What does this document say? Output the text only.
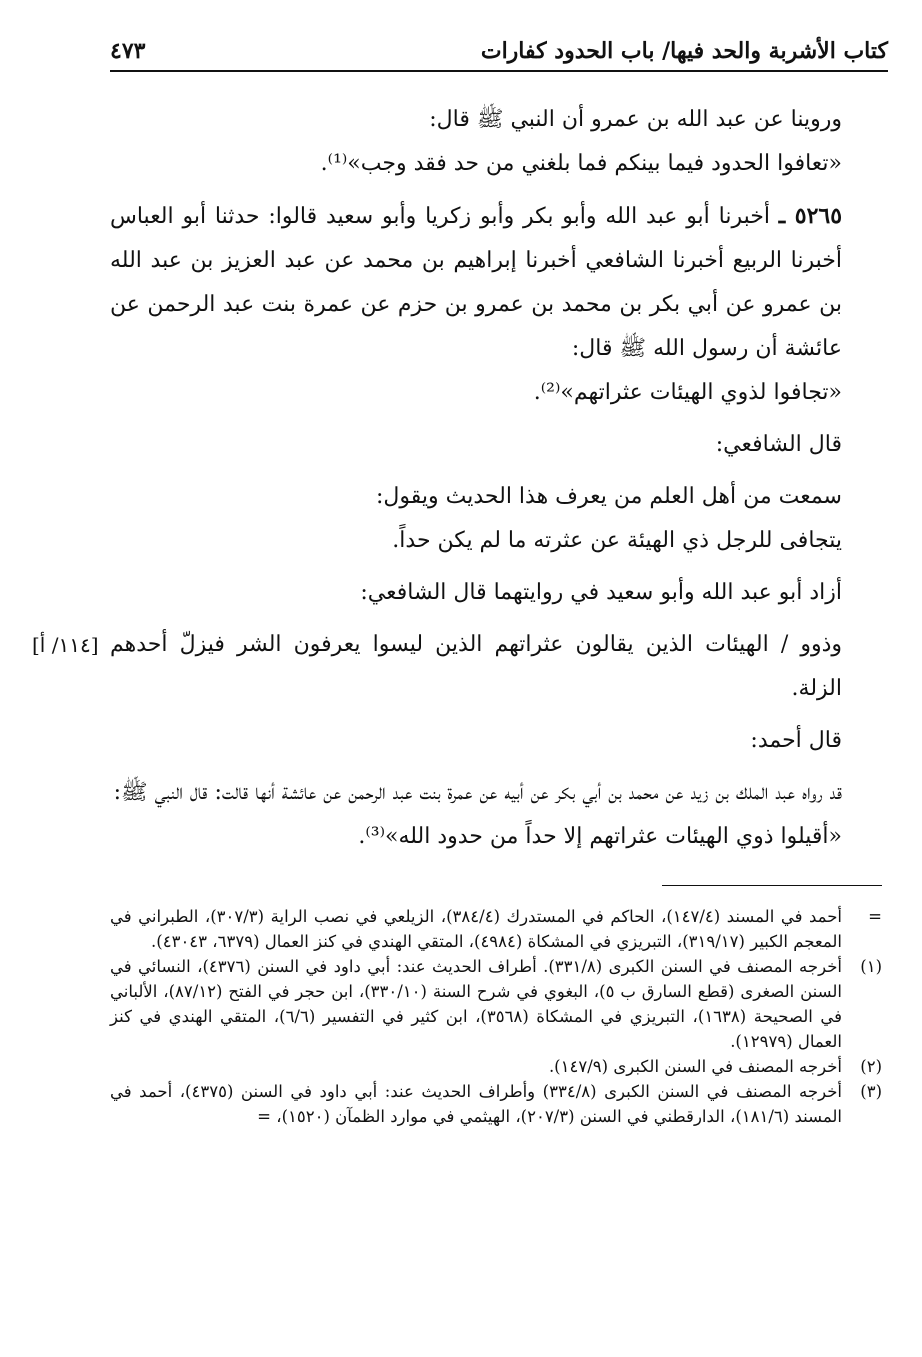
كتاب الأشربة والحد فيها/ باب الحدود كفارات
٤٧٣

وروينا عن عبد الله بن عمرو أن النبي ﷺ قال:

«تعافوا الحدود فيما بينكم فما بلغني من حد فقد وجب»⁽¹⁾.

٥٢٦٥ ـ أخبرنا أبو عبد الله وأبو بكر وأبو زكريا وأبو سعيد قالوا: حدثنا أبو العباس أخبرنا الربيع أخبرنا الشافعي أخبرنا إبراهيم بن محمد عن عبد العزيز بن عبد الله بن عمرو عن أبي بكر بن محمد بن عمرو بن حزم عن عمرة بنت عبد الرحمن عن عائشة أن رسول الله ﷺ قال:

«تجافوا لذوي الهيئات عثراتهم»⁽²⁾.

قال الشافعي:

سمعت من أهل العلم من يعرف هذا الحديث ويقول:

يتجافى للرجل ذي الهيئة عن عثرته ما لم يكن حداً.

أزاد أبو عبد الله وأبو سعيد في روايتهما قال الشافعي:

وذوو / الهيئات الذين يقالون عثراتهم الذين ليسوا يعرفون الشر فيزلّ أحدهم الزلة.
[١١٤/ أ]

قال أحمد:

قد رواه عبد الملك بن زيد عن محمد بن أبي بكر عن أبيه عن عمرة بنت عبد الرحمن عن عائشة أنها قالت: قال النبي ﷺ:

«أقيلوا ذوي الهيئات عثراتهم إلا حداً من حدود الله»⁽³⁾.

=
أحمد في المسند (١٤٧/٤)، الحاكم في المستدرك (٣٨٤/٤)، الزيلعي في نصب الراية (٣٠٧/٣)، الطبراني في المعجم الكبير (٣١٩/١٧)، التبريزي في المشكاة (٤٩٨٤)، المتقي الهندي في كنز العمال (٦٣٧٩، ٤٣٠٤٣).
(١)
أخرجه المصنف في السنن الكبرى (٣٣١/٨). أطراف الحديث عند: أبي داود في السنن (٤٣٧٦)، النسائي في السنن الصغرى (قطع السارق ب ٥)، البغوي في شرح السنة (٣٣٠/١٠)، ابن حجر في الفتح (٨٧/١٢)، الألباني في الصحيحة (١٦٣٨)، التبريزي في المشكاة (٣٥٦٨)، ابن كثير في التفسير (٦/٦)، المتقي الهندي في كنز العمال (١٢٩٧٩).
(٢)
أخرجه المصنف في السنن الكبرى (١٤٧/٩).
(٣)
أخرجه المصنف في السنن الكبرى (٣٣٤/٨) وأطراف الحديث عند: أبي داود في السنن (٤٣٧٥)، أحمد في المسند (١٨١/٦)، الدارقطني في السنن (٢٠٧/٣)، الهيثمي في موارد الظمآن (١٥٢٠)، =
